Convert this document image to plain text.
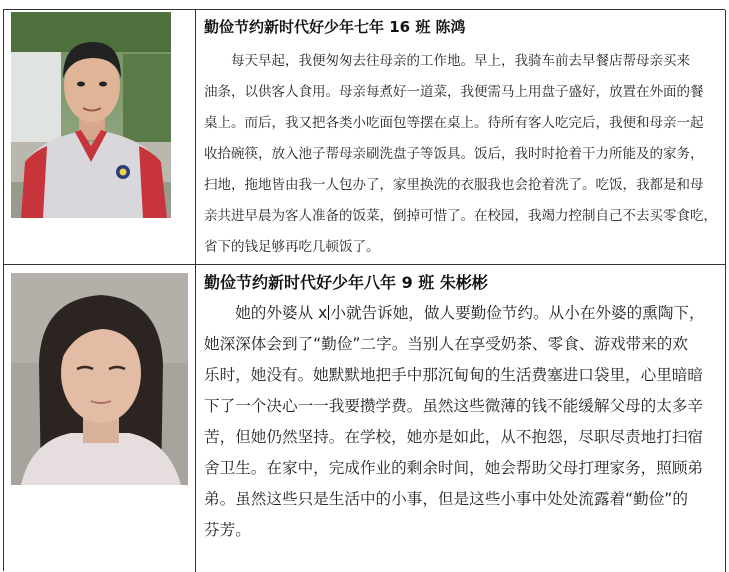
勤俭节约新时代好少年七年 16 班 陈鸿
　　每天早起，我便匆匆去往母亲的工作地。早上，我骑车前去早餐店帮母亲买来
油条，以供客人食用。母亲每煮好一道菜，我便需马上用盘子盛好，放置在外面的餐
桌上。而后，我又把各类小吃面包等摆在桌上。待所有客人吃完后，我便和母亲一起
收拾碗筷，放入池子帮母亲刷洗盘子等饭具。饭后，我时时抢着干力所能及的家务，
扫地，拖地皆由我一人包办了，家里换洗的衣服我也会抢着洗了。吃饭，我都是和母
亲共进早晨为客人准备的饭菜，倒掉可惜了。在校园，我竭力控制自己不去买零食吃，
省下的钱足够再吃几顿饭了。
勤俭节约新时代好少年八年 9 班 朱彬彬
　　她的外婆从 x 小就告诉她，做人要勤俭节约。从小在外婆的熏陶下，
她深深体会到了“勤俭”二字。当别人在享受奶茶、零食、游戏带来的欢
乐时，她没有。她默默地把手中那沉甸甸的生活费塞进口袋里，心里暗暗
下了一个决心一一我要攒学费。虽然这些微薄的钱不能缓解父母的太多辛
苦，但她仍然坚持。在学校，她亦是如此，从不抱怨，尽职尽责地打扫宿
舍卫生。在家中，完成作业的剩余时间，她会帮助父母打理家务，照顾弟
弟。虽然这些只是生活中的小事，但是这些小事中处处流露着“勤俭”的
芬芳。
